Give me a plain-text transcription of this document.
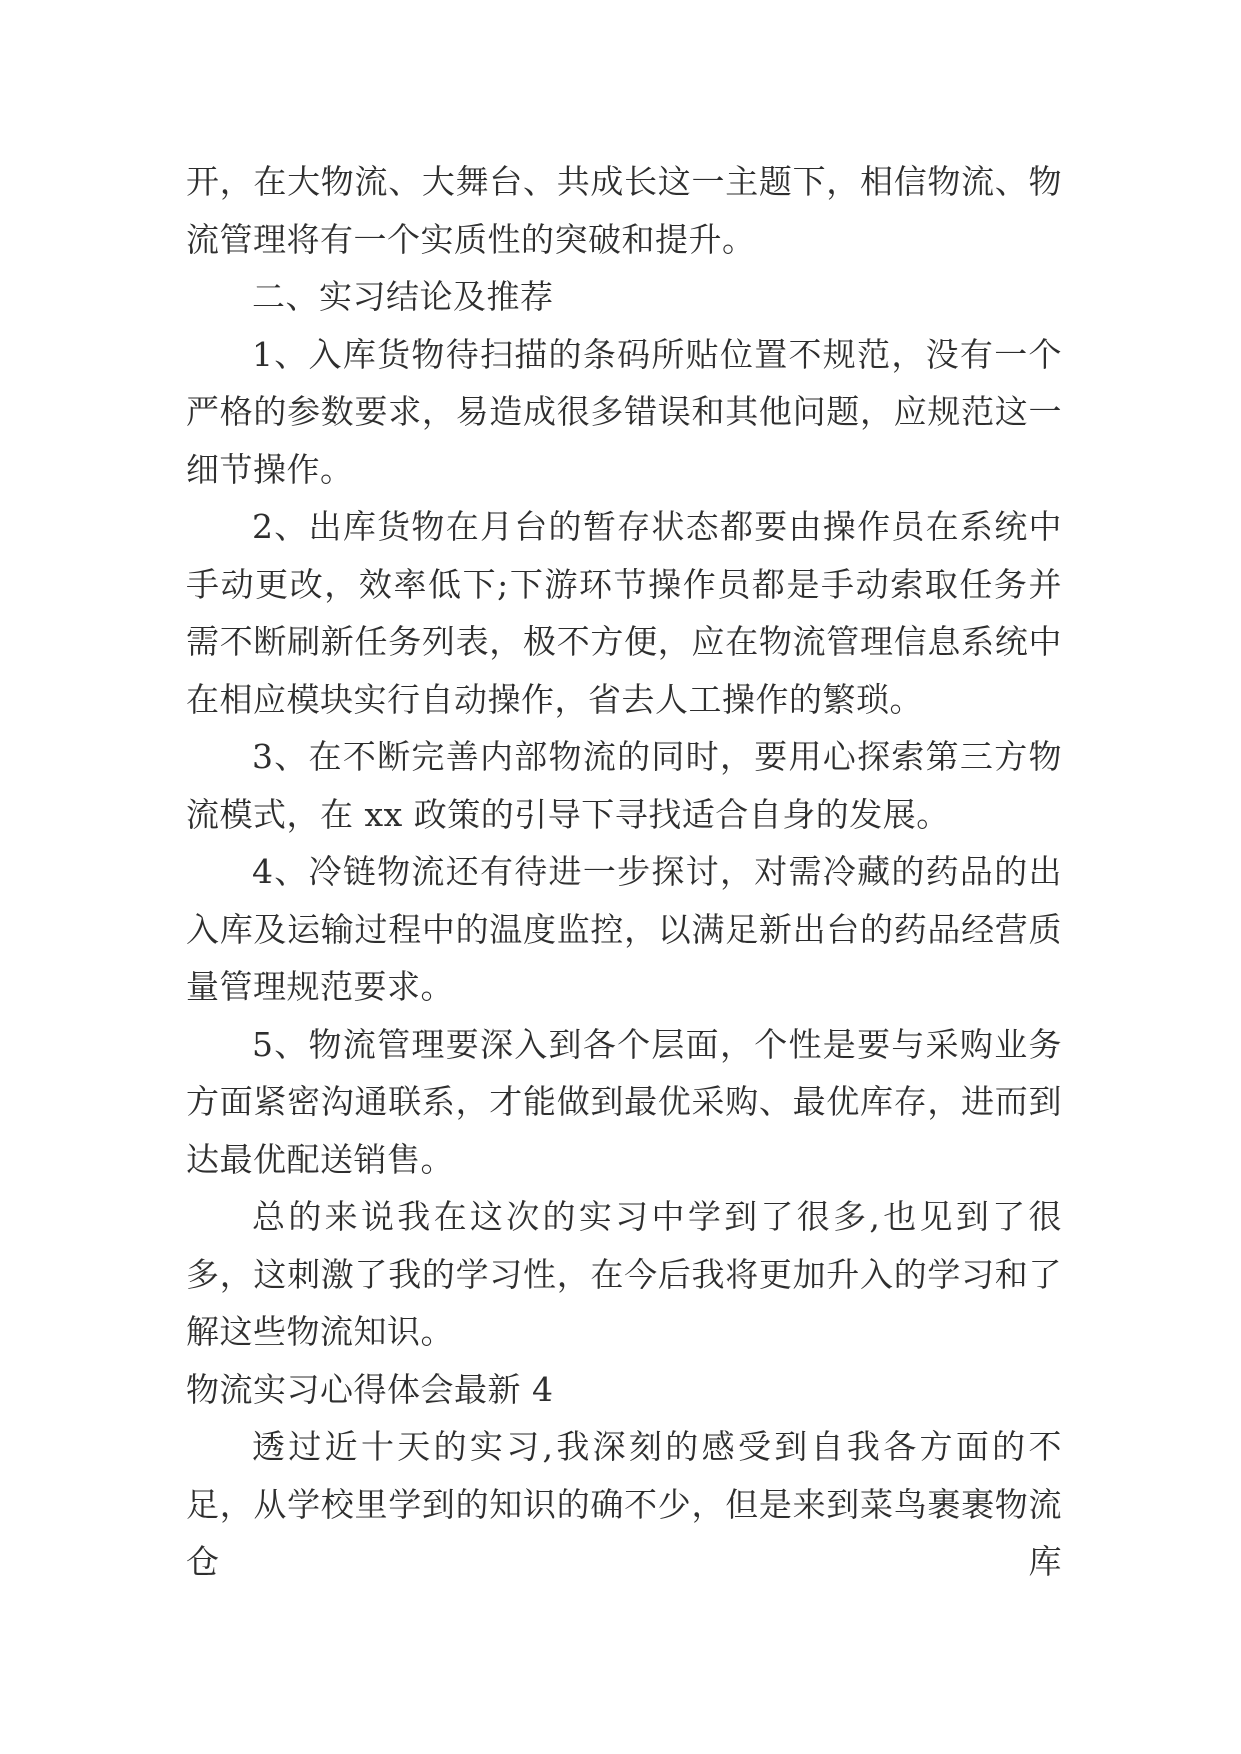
开，在大物流、大舞台、共成长这一主题下，相信物流、物流管理将有一个实质性的突破和提升。

二、实习结论及推荐

1、入库货物待扫描的条码所贴位置不规范，没有一个严格的参数要求，易造成很多错误和其他问题，应规范这一细节操作。

2、出库货物在月台的暂存状态都要由操作员在系统中手动更改，效率低下;下游环节操作员都是手动索取任务并需不断刷新任务列表，极不方便，应在物流管理信息系统中在相应模块实行自动操作，省去人工操作的繁琐。

3、在不断完善内部物流的同时，要用心探索第三方物流模式，在 xx 政策的引导下寻找适合自身的发展。

4、冷链物流还有待进一步探讨，对需冷藏的药品的出入库及运输过程中的温度监控，以满足新出台的药品经营质量管理规范要求。

5、物流管理要深入到各个层面，个性是要与采购业务方面紧密沟通联系，才能做到最优采购、最优库存，进而到达最优配送销售。

总的来说我在这次的实习中学到了很多,也见到了很多，这刺激了我的学习性，在今后我将更加升入的学习和了解这些物流知识。

物流实习心得体会最新 4

透过近十天的实习,我深刻的感受到自我各方面的不足，从学校里学到的知识的确不少，但是来到菜鸟裹裹物流仓库
